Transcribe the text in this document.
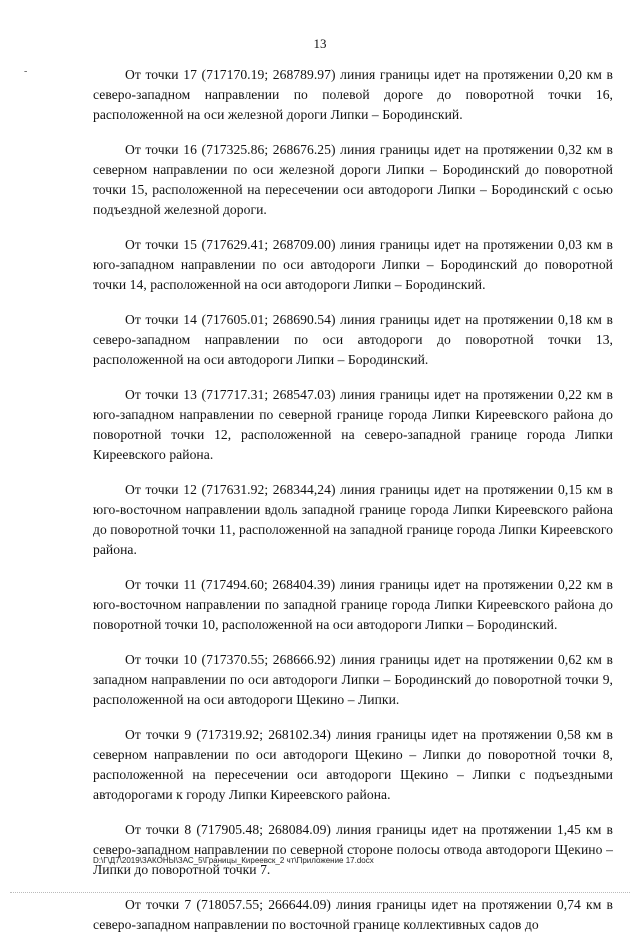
13
-	От точки 17 (717170.19; 268789.97) линия границы идет на протяжении 0,20 км в северо-западном направлении по полевой дороге до поворотной точки 16, расположенной на оси железной дороги Липки – Бородинский.

От точки 16 (717325.86; 268676.25) линия границы идет на протяжении 0,32 км в северном направлении по оси железной дороги Липки – Бородинский до поворотной точки 15, расположенной на пересечении оси автодороги Липки – Бородинский с осью подъездной железной дороги.

От точки 15 (717629.41; 268709.00) линия границы идет на протяжении 0,03 км в юго-западном направлении по оси автодороги Липки – Бородинский до поворотной точки 14, расположенной на оси автодороги Липки – Бородинский.

От точки 14 (717605.01; 268690.54) линия границы идет на протяжении 0,18 км в северо-западном направлении по оси автодороги до поворотной точки 13, расположенной на оси автодороги Липки – Бородинский.

От точки 13 (717717.31; 268547.03) линия границы идет на протяжении 0,22 км в юго-западном направлении по северной границе города Липки Киреевского района до поворотной точки 12, расположенной на северо-западной границе города Липки Киреевского района.

От точки 12 (717631.92; 268344,24) линия границы идет на протяжении 0,15 км в юго-восточном направлении вдоль западной границе города Липки Киреевского района до поворотной точки 11, расположенной на западной границе города Липки Киреевского района.

От точки 11 (717494.60; 268404.39) линия границы идет на протяжении 0,22 км в юго-восточном направлении по западной границе города Липки Киреевского района до поворотной точки 10, расположенной на оси автодороги Липки – Бородинский.

От точки 10 (717370.55; 268666.92) линия границы идет на протяжении 0,62 км в западном направлении по оси автодороги Липки – Бородинский до поворотной точки 9, расположенной на оси автодороги Щекино – Липки.

От точки 9 (717319.92; 268102.34) линия границы идет на протяжении 0,58 км в северном направлении по оси автодороги Щекино – Липки до поворотной точки 8, расположенной на пересечении оси автодороги Щекино – Липки с подъездными автодорогами к городу Липки Киреевского района.

От точки 8 (717905.48; 268084.09) линия границы идет на протяжении 1,45 км в северо-западном направлении по северной стороне полосы отвода автодороги Щекино – Липки до поворотной точки 7.

От точки 7 (718057.55; 266644.09) линия границы идет на протяжении 0,74 км в северо-западном направлении по восточной границе коллективных садов до

D:\Г\Д7\2019\ЗАКОНЫ\ЗАС_5\Границы_Киреевск_2 чт\Приложение 17.docx
